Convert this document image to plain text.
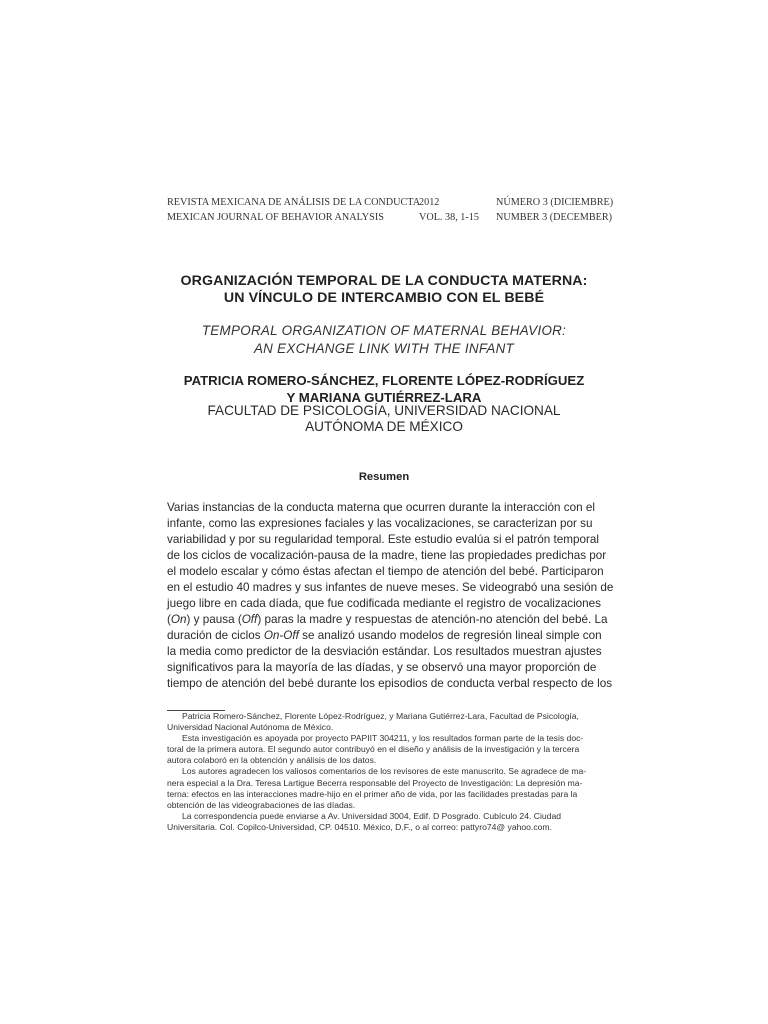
REVISTA MEXICANA DE ANÁLISIS DE LA CONDUCTA
2012	NÚMERO 3 (DICIEMBRE)
MEXICAN JOURNAL OF BEHAVIOR ANALYSIS	VOL. 38, 1-15 NUMBER 3 (DECEMBER)
ORGANIZACIÓN TEMPORAL DE LA CONDUCTA MATERNA:
UN VÍNCULO DE INTERCAMBIO CON EL BEBÉ
TEMPORAL ORGANIZATION OF MATERNAL BEHAVIOR:
AN EXCHANGE LINK WITH THE INFANT
PATRICIA ROMERO-SÁNCHEZ, FLORENTE LÓPEZ-RODRÍGUEZ
Y MARIANA GUTIÉRREZ-LARA
FACULTAD DE PSICOLOGÍA, UNIVERSIDAD NACIONAL
AUTÓNOMA DE MÉXICO
Resumen
Varias instancias de la conducta materna que ocurren durante la interacción con el
infante, como las expresiones faciales y las vocalizaciones, se caracterizan por su
variabilidad y por su regularidad temporal. Este estudio evalúa si el patrón temporal
de los ciclos de vocalización-pausa de la madre, tiene las propiedades predichas por
el modelo escalar y cómo éstas afectan el tiempo de atención del bebé. Participaron
en el estudio 40 madres y sus infantes de nueve meses. Se videograbó una sesión de
juego libre en cada díada, que fue codificada mediante el registro de vocalizaciones
(On) y pausa (Off) paras la madre y respuestas de atención-no atención del bebé. La
duración de ciclos On-Off se analizó usando modelos de regresión lineal simple con
la media como predictor de la desviación estándar. Los resultados muestran ajustes
significativos para la mayoría de las díadas, y se observó una mayor proporción de
tiempo de atención del bebé durante los episodios de conducta verbal respecto de los
Patricia Romero-Sánchez, Florente López-Rodríguez, y Mariana Gutiérrez-Lara, Facultad de Psicología,
Universidad Nacional Autónoma de México.
Esta investigación es apoyada por proyecto PAPIIT 304211, y los resultados forman parte de la tesis doc-
toral de la primera autora. El segundo autor contribuyó en el diseño y análisis de la investigación y la tercera
autora colaboró en la obtención y análisis de los datos.
Los autores agradecen los valiosos comentarios de los revisores de este manuscrito. Se agradece de ma-
nera especial a la Dra. Teresa Lartigue Becerra responsable del Proyecto de Investigación: La depresión ma-
terna: efectos en las interacciones madre-hijo en el primer año de vida, por las facilidades prestadas para la
obtención de las videograbaciones de las díadas.
La correspondencia puede enviarse a Av. Universidad 3004, Edif. D Posgrado. Cubículo 24. Ciudad
Universitaria. Col. Copilco-Universidad, CP. 04510. México, D.F., o al correo: pattyro74@ yahoo.com.
